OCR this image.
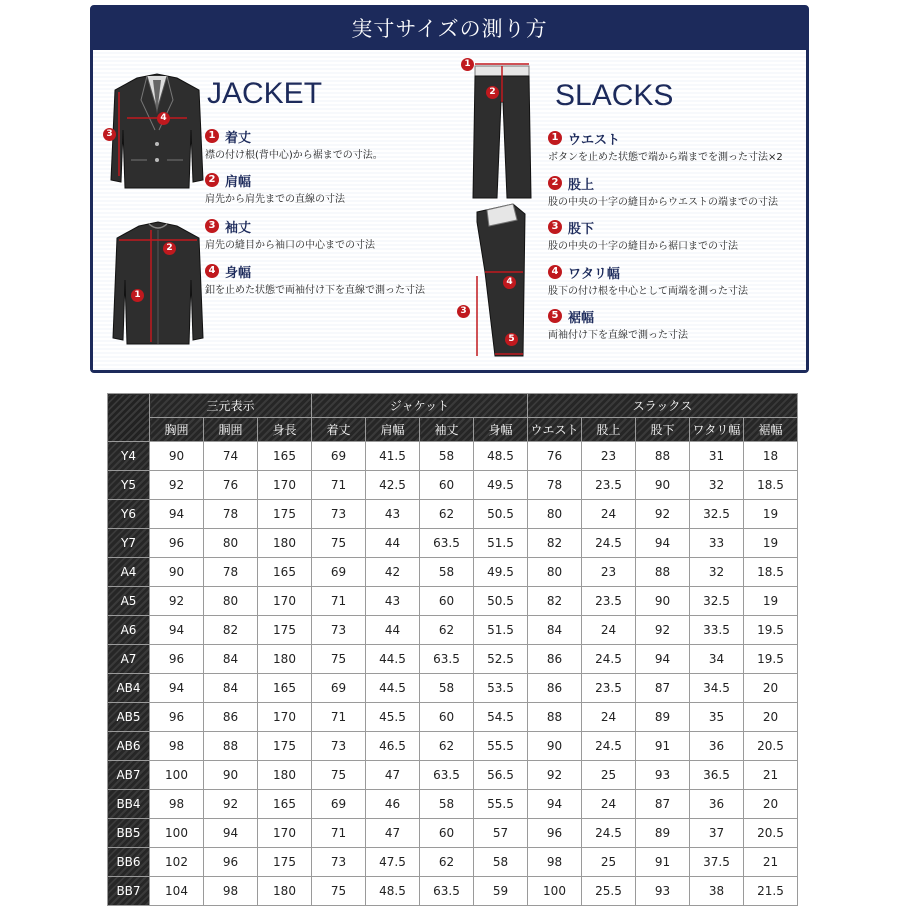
実寸サイズの測り方
3
4
2
1
JACKET
1 着丈
襟の付け根(背中心)から裾までの寸法。
2 肩幅
肩先から肩先までの直線の寸法
3 袖丈
肩先の縫目から袖口の中心までの寸法
4 身幅
釦を止めた状態で両袖付け下を直線で測った寸法
1
2
4
3
5
SLACKS
1 ウエスト
ボタンを止めた状態で端から端までを測った寸法×2
2 股上
股の中央の十字の縫目からウエストの端までの寸法
3 股下
股の中央の十字の縫目から裾口までの寸法
4 ワタリ幅
股下の付け根を中心として両端を測った寸法
5 裾幅
両袖付け下を直線で測った寸法
	三元表示			ジャケット				スラックス				
	胸囲	胴囲	身長	着丈	肩幅	袖丈	身幅	ウエスト	股上	股下	ワタリ幅	裾幅
Y4	90	74	165	69	41.5	58	48.5	76	23	88	31	18
Y5	92	76	170	71	42.5	60	49.5	78	23.5	90	32	18.5
Y6	94	78	175	73	43	62	50.5	80	24	92	32.5	19
Y7	96	80	180	75	44	63.5	51.5	82	24.5	94	33	19
A4	90	78	165	69	42	58	49.5	80	23	88	32	18.5
A5	92	80	170	71	43	60	50.5	82	23.5	90	32.5	19
A6	94	82	175	73	44	62	51.5	84	24	92	33.5	19.5
A7	96	84	180	75	44.5	63.5	52.5	86	24.5	94	34	19.5
AB4	94	84	165	69	44.5	58	53.5	86	23.5	87	34.5	20
AB5	96	86	170	71	45.5	60	54.5	88	24	89	35	20
AB6	98	88	175	73	46.5	62	55.5	90	24.5	91	36	20.5
AB7	100	90	180	75	47	63.5	56.5	92	25	93	36.5	21
BB4	98	92	165	69	46	58	55.5	94	24	87	36	20
BB5	100	94	170	71	47	60	57	96	24.5	89	37	20.5
BB6	102	96	175	73	47.5	62	58	98	25	91	37.5	21
BB7	104	98	180	75	48.5	63.5	59	100	25.5	93	38	21.5
